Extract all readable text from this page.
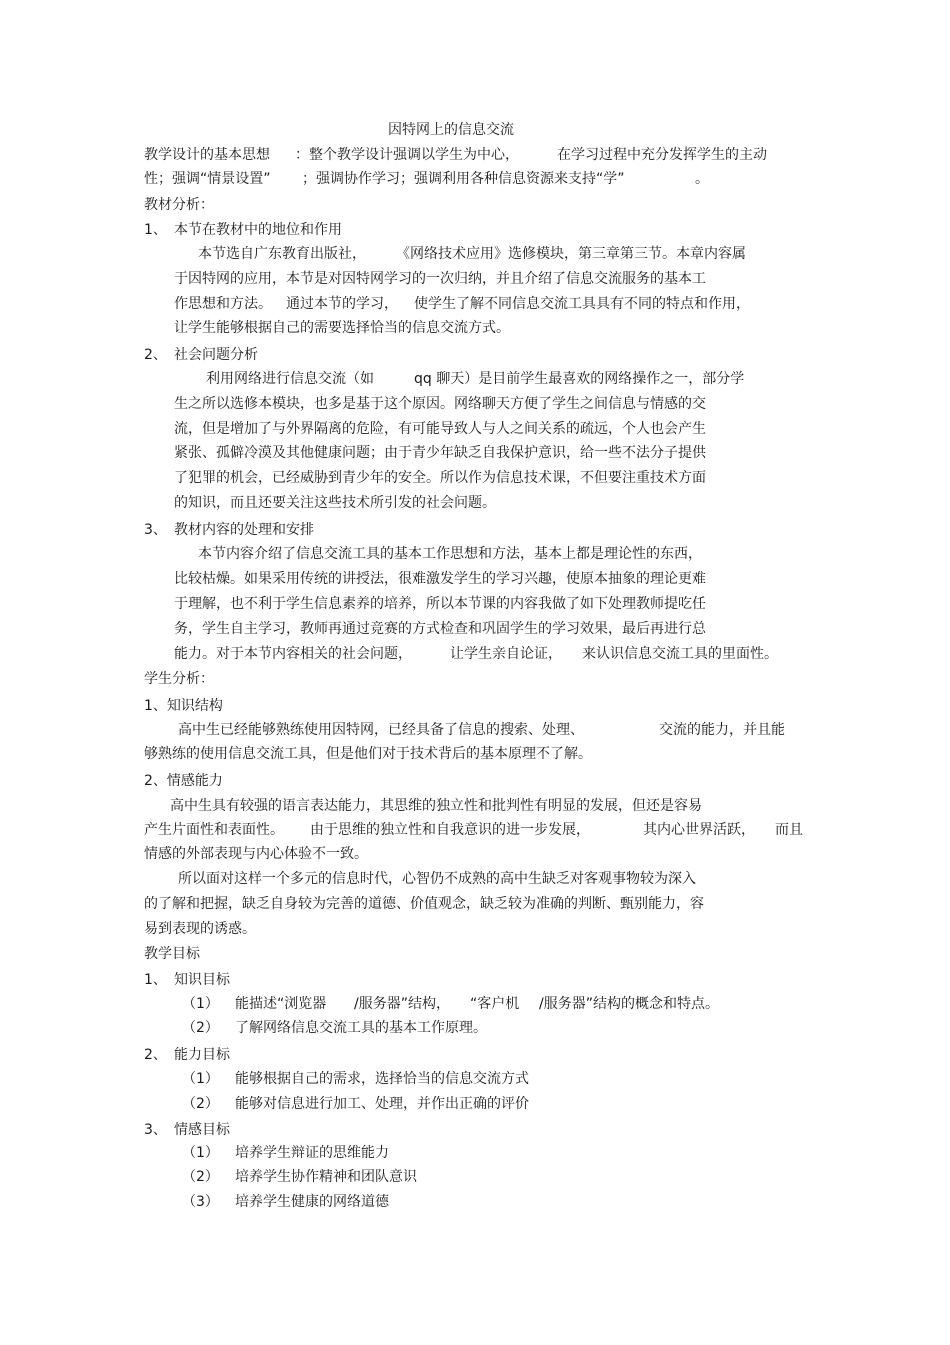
因特网上的信息交流
教学设计的基本思想 ：整个教学设计强调以学生为中心，	在学习过程中充分发挥学生的主动
性；强调“情景设置” ；强调协作学习；强调利用各种信息资源来支持“学”	。
教材分析：
1、 本节在教材中的地位和作用
本节选自广东教育出版社， 《网络技术应用》选修模块，第三章第三节。本章内容属
于因特网的应用，本节是对因特网学习的一次归纳，并且介绍了信息交流服务的基本工
作思想和方法。 通过本节的学习， 使学生了解不同信息交流工具具有不同的特点和作用，
让学生能够根据自己的需要选择恰当的信息交流方式。
2、 社会问题分析
利用网络进行信息交流（如	qq 聊天）是目前学生最喜欢的网络操作之一，部分学
生之所以选修本模块，也多是基于这个原因。网络聊天方便了学生之间信息与情感的交
流，但是增加了与外界隔离的危险，有可能导致人与人之间关系的疏远，个人也会产生
紧张、孤僻冷漠及其他健康问题；由于青少年缺乏自我保护意识，给一些不法分子提供
了犯罪的机会，已经威胁到青少年的安全。所以作为信息技术课，不但要注重技术方面
的知识，而且还要关注这些技术所引发的社会问题。
3、 教材内容的处理和安排
本节内容介绍了信息交流工具的基本工作思想和方法，基本上都是理论性的东西，
比较枯燥。如果采用传统的讲授法，很难激发学生的学习兴趣，使原本抽象的理论更难
于理解，也不利于学生信息素养的培养，所以本节课的内容我做了如下处理教师提吃任
务，学生自主学习，教师再通过竞赛的方式检查和巩固学生的学习效果，最后再进行总
能力。对于本节内容相关的社会问题，	让学生亲自论证， 来认识信息交流工具的里面性。
学生分析：
1、知识结构
高中生已经能够熟练使用因特网，已经具备了信息的搜索、处理、	交流的能力，并且能
够熟练的使用信息交流工具，但是他们对于技术背后的基本原理不了解。
2、情感能力
高中生具有较强的语言表达能力，其思维的独立性和批判性有明显的发展，但还是容易
产生片面性和表面性。 由于思维的独立性和自我意识的进一步发展，	其内心世界活跃， 而且
情感的外部表现与内心体验不一致。
所以面对这样一个多元的信息时代，心智仍不成熟的高中生缺乏对客观事物较为深入
的了解和把握，缺乏自身较为完善的道德、价值观念，缺乏较为准确的判断、甄别能力，容
易到表现的诱惑。
教学目标
1、 知识目标
（1） 能描述“浏览器 /服务器”结构， “客户机 /服务器”结构的概念和特点。
（2） 了解网络信息交流工具的基本工作原理。
2、 能力目标
（1） 能够根据自己的需求，选择恰当的信息交流方式
（2） 能够对信息进行加工、处理，并作出正确的评价
3、 情感目标
（1） 培养学生辩证的思维能力
（2） 培养学生协作精神和团队意识
（3） 培养学生健康的网络道德
